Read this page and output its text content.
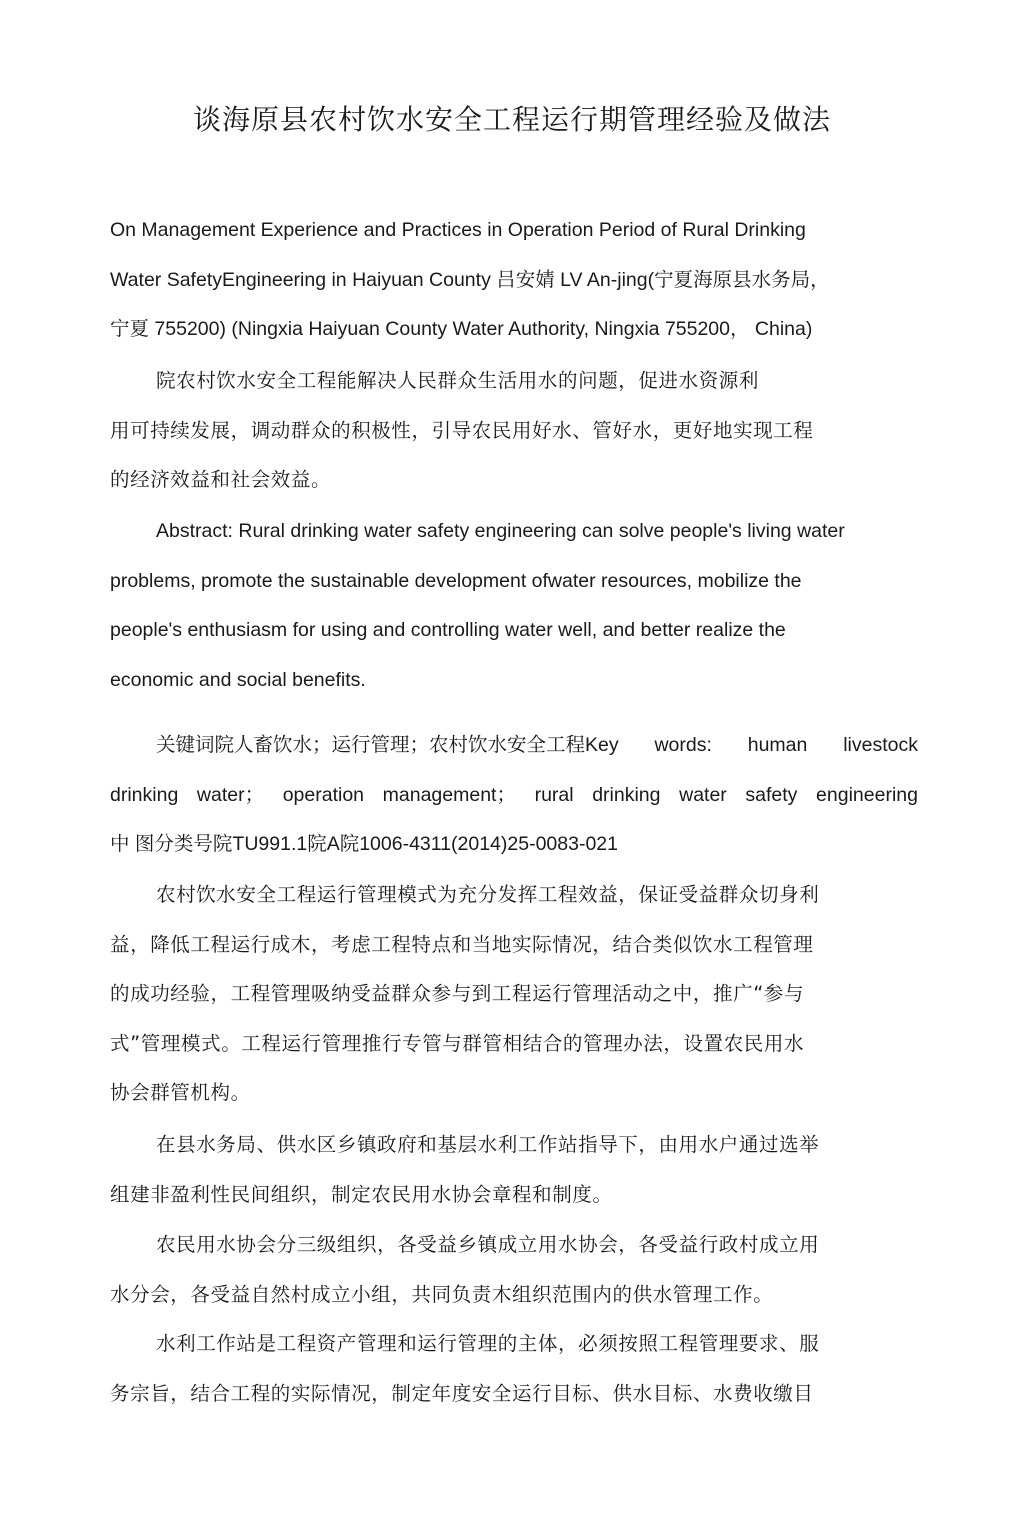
谈海原县农村饮水安全工程运行期管理经验及做法
On Management Experience and Practices in Operation Period of Rural Drinking
Water SafetyEngineering in Haiyuan County 吕安婧 LV An-jing(宁夏海原县水务局，
宁夏 755200) (Ningxia Haiyuan County Water Authority, Ningxia 755200， China)
院农村饮水安全工程能解决人民群众生活用水的问题，促进水资源利
用可持续发展，调动群众的积极性，引导农民用好水、管好水，更好地实现工程
的经济效益和社会效益。
Abstract: Rural drinking water safety engineering can solve people's living water
problems, promote the sustainable development ofwater resources, mobilize the
people's enthusiasm for using and controlling water well, and better realize the
economic and social benefits.
关键词院人畜饮水；运行管理；农村饮水安全工程Key words: human livestock
drinking water； operation management； rural drinking water safety engineering
中 图分类号院TU991.1院A院1006-4311(2014)25-0083-021
农村饮水安全工程运行管理模式为充分发挥工程效益，保证受益群众切身利
益，降低工程运行成木，考虑工程特点和当地实际情况，结合类似饮水工程管理
的成功经验，工程管理吸纳受益群众参与到工程运行管理活动之中，推广“参与
式”管理模式。工程运行管理推行专管与群管相结合的管理办法，设置农民用水
协会群管机构。
在县水务局、供水区乡镇政府和基层水利工作站指导下，由用水户通过选举
组建非盈利性民间组织，制定农民用水协会章程和制度。
农民用水协会分三级组织，各受益乡镇成立用水协会，各受益行政村成立用
水分会，各受益自然村成立小组，共同负责木组织范围内的供水管理工作。
水利工作站是工程资产管理和运行管理的主体，必须按照工程管理要求、服
务宗旨，结合工程的实际情况，制定年度安全运行目标、供水目标、水费收缴目
